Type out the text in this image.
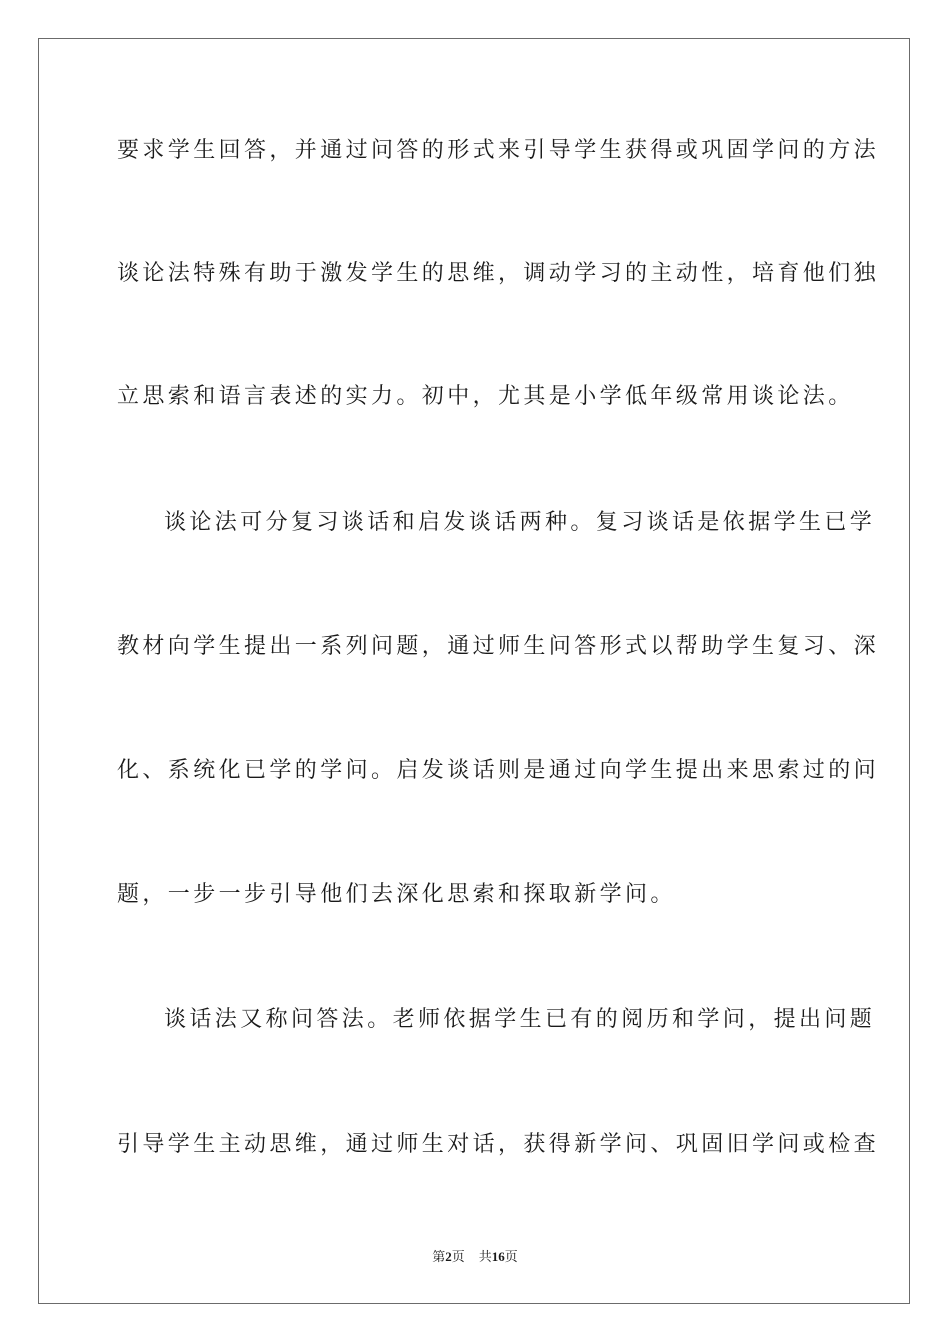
要求学生回答，并通过问答的形式来引导学生获得或巩固学问的方法
谈论法特殊有助于激发学生的思维，调动学习的主动性，培育他们独
立思索和语言表述的实力。初中，尤其是小学低年级常用谈论法。
谈论法可分复习谈话和启发谈话两种。复习谈话是依据学生已学
教材向学生提出一系列问题，通过师生问答形式以帮助学生复习、深
化、系统化已学的学问。启发谈话则是通过向学生提出来思索过的问
题，一步一步引导他们去深化思索和探取新学问。
谈话法又称问答法。老师依据学生已有的阅历和学问，提出问题
引导学生主动思维，通过师生对话，获得新学问、巩固旧学问或检查
第2页 共16页
